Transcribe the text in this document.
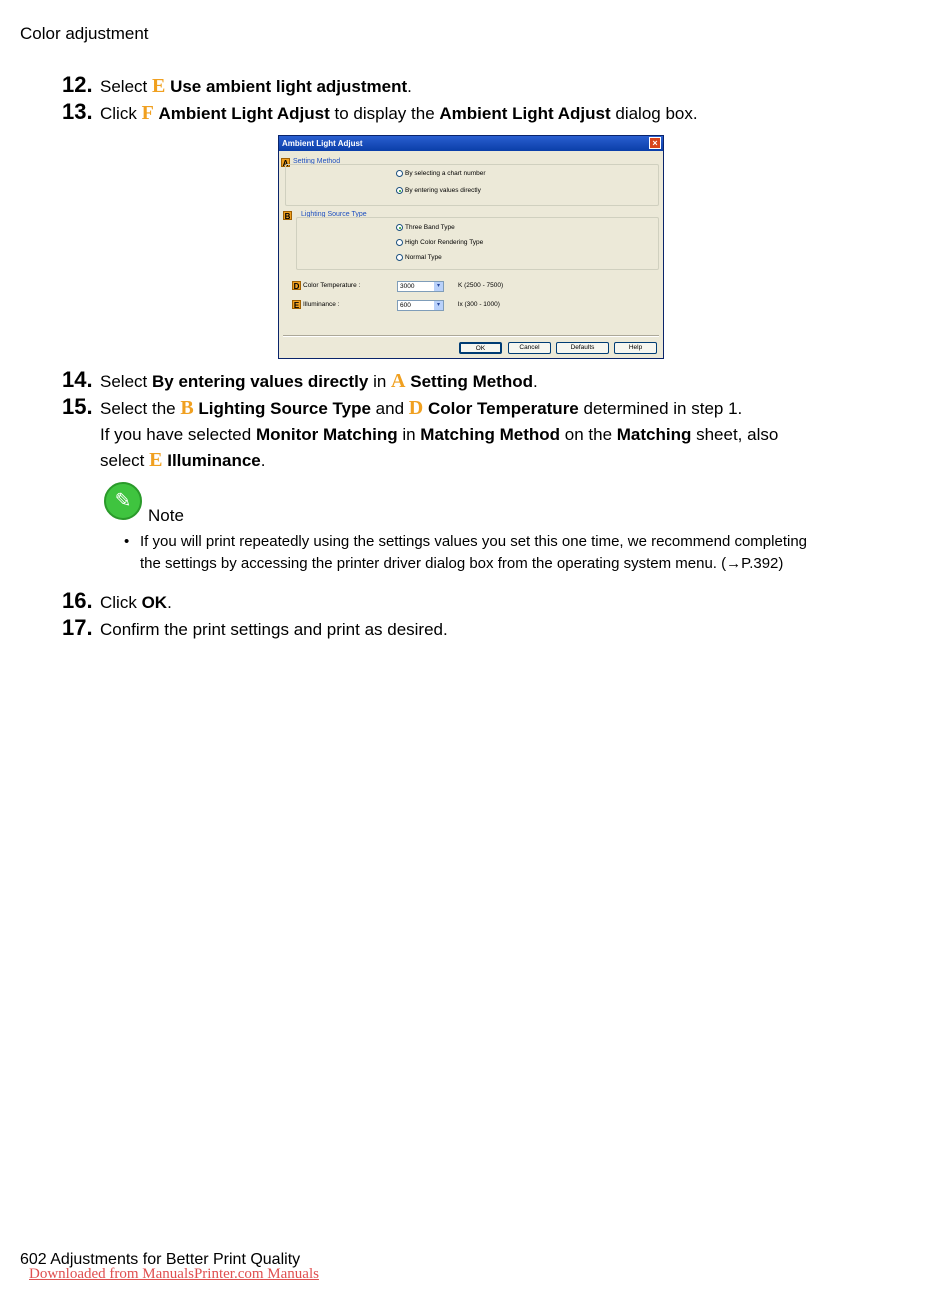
Color adjustment
12. Select E Use ambient light adjustment.
13. Click F Ambient Light Adjust to display the Ambient Light Adjust dialog box.
Ambient Light Adjust	×
A Setting Method
By selecting a chart number
By entering values directly
B Lighting Source Type
Three Band Type
High Color Rendering Type
Normal Type
D Color Temperature :	3000	▾	K (2500 - 7500)
E Illuminance :	600	▾	lx (300 - 1000)
OK	Cancel	Defaults	Help
14. Select By entering values directly in A Setting Method.
15. Select the B Lighting Source Type and D Color Temperature determined in step 1.
If you have selected Monitor Matching in Matching Method on the Matching sheet, also
select E Illuminance.
✎
Note
• If you will print repeatedly using the settings values you set this one time, we recommend completing
the settings by accessing the printer driver dialog box from the operating system menu. (→P.392)
16. Click OK.
17. Confirm the print settings and print as desired.
602 Adjustments for Better Print Quality
Downloaded from ManualsPrinter.com Manuals
